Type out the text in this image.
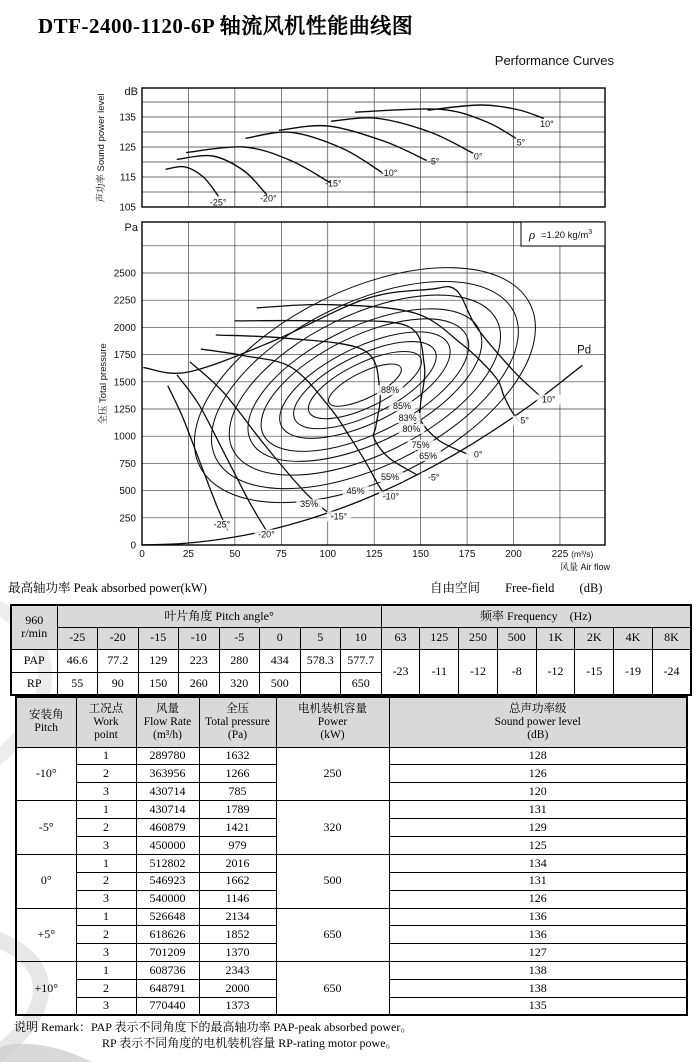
-25°	-20°
-15°
-10°
-5°	0°
5°
10°
105
115
125
135
dB
声功率 Sound power level
Pd
88%
85%
83%
80%
75%
65%
55%
45%
35%
-25°
-20°
-15°
-10°
-5°
0°
5°
10°
ρ =1.20 $kg/m^3$
0
250
500
750
1000
1250
1500
1750
2000
2250
2500
Pa
全压 Total pressure
0	25	50	75	100	125	150	175	200	225 (m³/s)
风量 Air flow
DTF-2400-1120-6P 轴流风机性能曲线图
Performance Curves
最高轴功率 Peak absorbed power(kW)	自由空间 Free-field (dB)
960
r/min	叶片角度 Pitch angle°								频率 Frequency　(Hz)							
	-25	-20	-15	-10	-5	0	5	10	63	125	250	500	1K	2K	4K	8K
PAP	46.6	77.2	129	223	280	434	578.3	577.7	-23	-11	-12	-8	-12	-15	-19	-24
RP	55	90	150	260	320	500		650								
安装角
Pitch	工况点
Work
point	风量
Flow Rate
(m³/h)	全压
Total pressure
(Pa)	电机装机容量
Power
(kW)	总声功率级
Sound power level
(dB)
-10°	1	289780	1632	250	128
	2	363956	1266		126
	3	430714	785		120
-5°	1	430714	1789	320	131
	2	460879	1421		129
	3	450000	979		125
0°	1	512802	2016	500	134
	2	546923	1662		131
	3	540000	1146		126
+5°	1	526648	2134	650	136
	2	618626	1852		136
	3	701209	1370		127
+10°	1	608736	2343	650	138
	2	648791	2000		138
	3	770440	1373		135
说明 Remark：PAP 表示不同角度下的最高轴功率 PAP-peak absorbed power。
RP 表示不同角度的电机装机容量 RP-rating motor powe。
